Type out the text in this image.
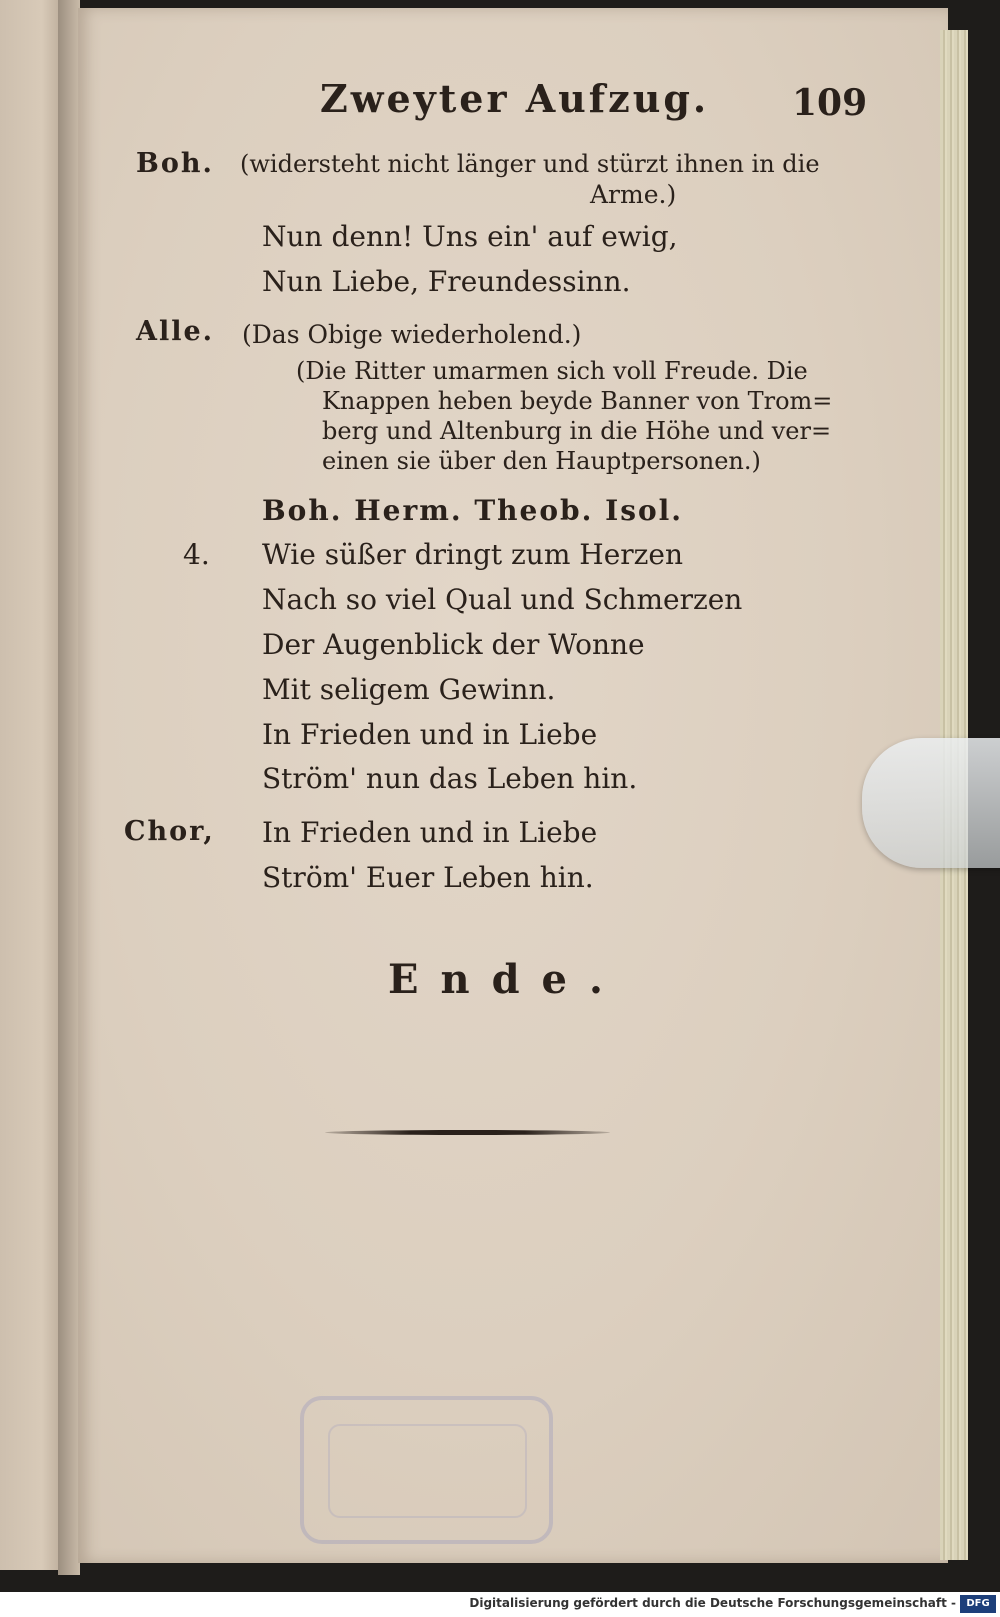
Zweyter Aufzug. 109
Boh. (widersteht nicht länger und stürzt ihnen in die
Arme.)
Nun denn! Uns ein' auf ewig,
Nun Liebe, Freundessinn.
Alle. (Das Obige wiederholend.)
(Die Ritter umarmen sich voll Freude. Die
Knappen heben beyde Banner von Trom=
berg und Altenburg in die Höhe und ver=
einen sie über den Hauptpersonen.)
Boh. Herm. Theob. Isol.
4. Wie süßer dringt zum Herzen
Nach so viel Qual und Schmerzen
Der Augenblick der Wonne
Mit seligem Gewinn.
In Frieden und in Liebe
Ström' nun das Leben hin.
Chor, In Frieden und in Liebe
Ström' Euer Leben hin.
Ende.
Digitalisierung gefördert durch die Deutsche Forschungsgemeinschaft -	DFG
